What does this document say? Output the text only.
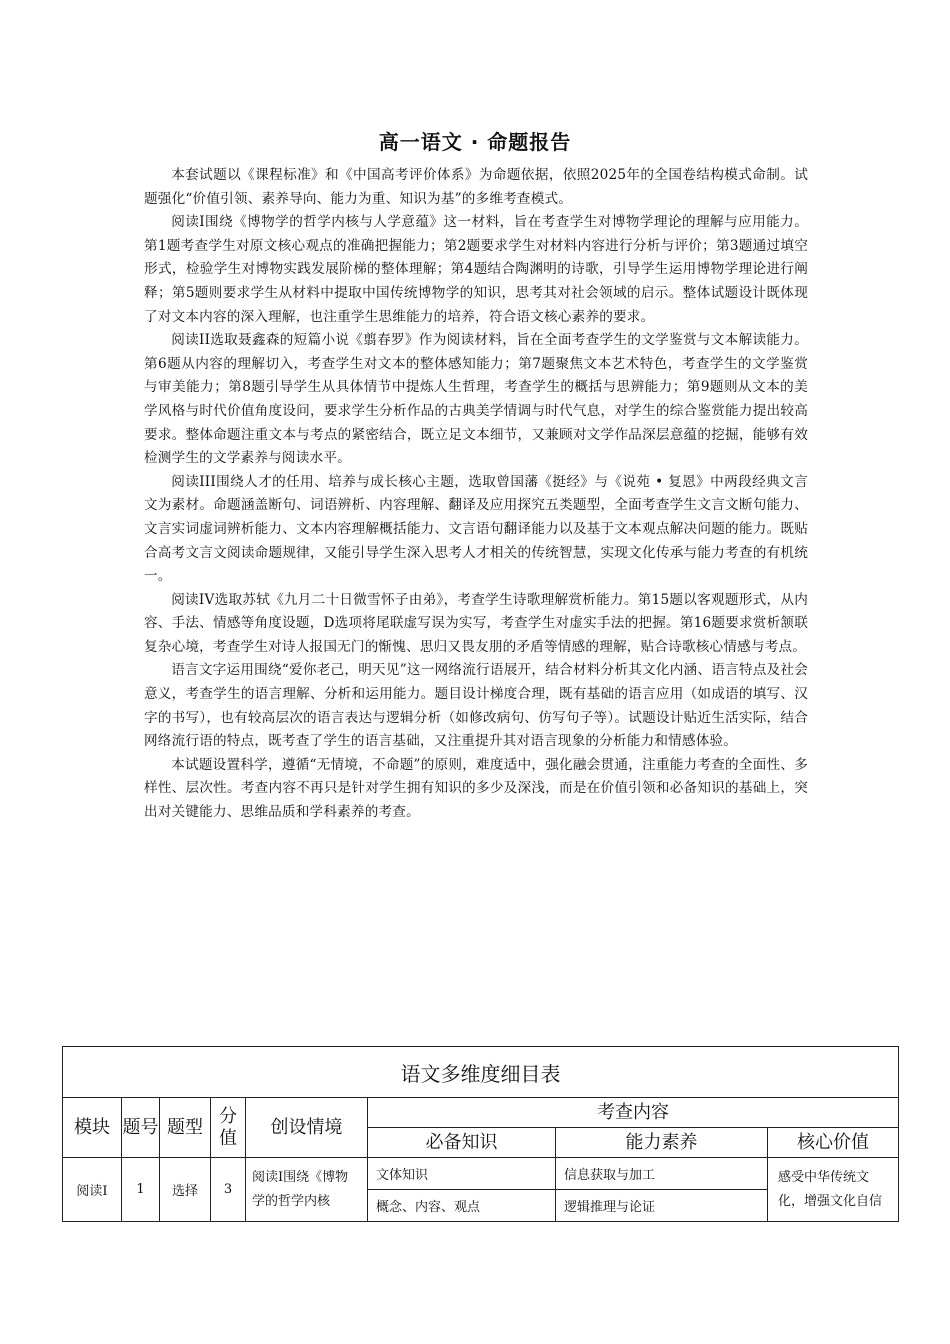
高一语文 · 命题报告

本套试题以《课程标准》和《中国高考评价体系》为命题依据，依照2025年的全国卷结构模式命制。试题强化“价值引领、素养导向、能力为重、知识为基”的多维考查模式。

阅读Ⅰ围绕《博物学的哲学内核与人学意蕴》这一材料，旨在考查学生对博物学理论的理解与应用能力。第1题考查学生对原文核心观点的准确把握能力；第2题要求学生对材料内容进行分析与评价；第3题通过填空形式，检验学生对博物实践发展阶梯的整体理解；第4题结合陶渊明的诗歌，引导学生运用博物学理论进行阐释；第5题则要求学生从材料中提取中国传统博物学的知识，思考其对社会领域的启示。整体试题设计既体现了对文本内容的深入理解，也注重学生思维能力的培养，符合语文核心素养的要求。

阅读II选取聂鑫森的短篇小说《翦春罗》作为阅读材料，旨在全面考查学生的文学鉴赏与文本解读能力。第6题从内容的理解切入，考查学生对文本的整体感知能力；第7题聚焦文本艺术特色，考查学生的文学鉴赏与审美能力；第8题引导学生从具体情节中提炼人生哲理，考查学生的概括与思辨能力；第9题则从文本的美学风格与时代价值角度设问，要求学生分析作品的古典美学情调与时代气息，对学生的综合鉴赏能力提出较高要求。整体命题注重文本与考点的紧密结合，既立足文本细节，又兼顾对文学作品深层意蕴的挖掘，能够有效检测学生的文学素养与阅读水平。

阅读III围绕人才的任用、培养与成长核心主题，选取曾国藩《挺经》与《说苑 • 复恩》中两段经典文言文为素材。命题涵盖断句、词语辨析、内容理解、翻译及应用探究五类题型，全面考查学生文言文断句能力、文言实词虚词辨析能力、文本内容理解概括能力、文言语句翻译能力以及基于文本观点解决问题的能力。既贴合高考文言文阅读命题规律，又能引导学生深入思考人才相关的传统智慧，实现文化传承与能力考查的有机统一。

阅读IV选取苏轼《九月二十日微雪怀子由弟》，考查学生诗歌理解赏析能力。第15题以客观题形式，从内容、手法、情感等角度设题，D选项将尾联虚写误为实写，考查学生对虚实手法的把握。第16题要求赏析颔联复杂心境，考查学生对诗人报国无门的惭愧、思归又畏友朋的矛盾等情感的理解，贴合诗歌核心情感与考点。

语言文字运用围绕“爱你老己，明天见”这一网络流行语展开，结合材料分析其文化内涵、语言特点及社会意义，考查学生的语言理解、分析和运用能力。题目设计梯度合理，既有基础的语言应用（如成语的填写、汉字的书写），也有较高层次的语言表达与逻辑分析（如修改病句、仿写句子等）。试题设计贴近生活实际，结合网络流行语的特点，既考查了学生的语言基础，又注重提升其对语言现象的分析能力和情感体验。

本试题设置科学，遵循“无情境，不命题”的原则，难度适中，强化融会贯通，注重能力考查的全面性、多样性、层次性。考查内容不再只是针对学生拥有知识的多少及深浅，而是在价值引领和必备知识的基础上，突出对关键能力、思维品质和学科素养的考查。

语文多维度细目表							
模块	题号	题型	分值	创设情境	考查内容		
					必备知识	能力素养	核心价值
阅读Ⅰ	1	选择	3	阅读Ⅰ围绕《博物学的哲学内核	文体知识	信息获取与加工	感受中华传统文化，增强文化自信
					概念、内容、观点	逻辑推理与论证	
